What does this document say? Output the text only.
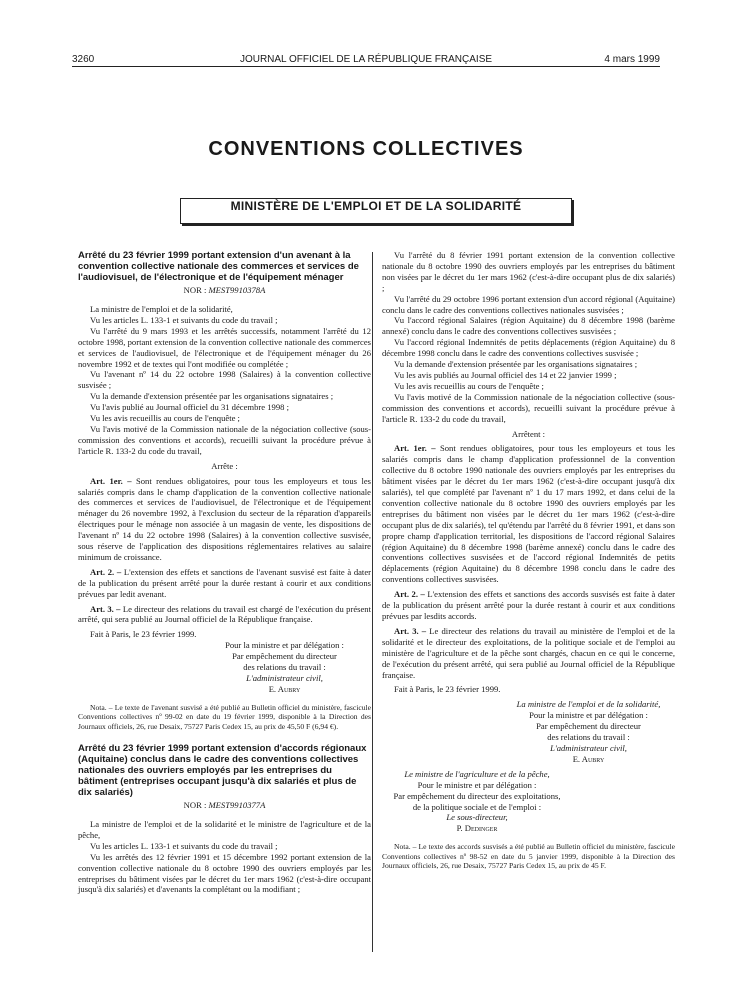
3260	JOURNAL OFFICIEL DE LA RÉPUBLIQUE FRANÇAISE	4 mars 1999
CONVENTIONS COLLECTIVES
MINISTÈRE DE L'EMPLOI ET DE LA SOLIDARITÉ
Arrêté du 23 février 1999 portant extension d'un avenant à la convention collective nationale des commerces et services de l'audiovisuel, de l'électronique et de l'équipement ménager
NOR : MEST9910378A

La ministre de l'emploi et de la solidarité,

Vu les articles L. 133-1 et suivants du code du travail ;

Vu l'arrêté du 9 mars 1993 et les arrêtés successifs, notamment l'arrêté du 12 octobre 1998, portant extension de la convention collective nationale des commerces et services de l'audiovisuel, de l'électronique et de l'équipement ménager du 26 novembre 1992 et de textes qui l'ont modifiée ou complétée ;

Vu l'avenant nº 14 du 22 octobre 1998 (Salaires) à la convention collective susvisée ;

Vu la demande d'extension présentée par les organisations signataires ;

Vu l'avis publié au Journal officiel du 31 décembre 1998 ;

Vu les avis recueillis au cours de l'enquête ;

Vu l'avis motivé de la Commission nationale de la négociation collective (sous-commission des conventions et accords), recueilli suivant la procédure prévue à l'article R. 133-2 du code du travail,

Arrête :

Art. 1er. – Sont rendues obligatoires, pour tous les employeurs et tous les salariés compris dans le champ d'application de la convention collective nationale des commerces et services de l'audiovisuel, de l'électronique et de l'équipement ménager du 26 novembre 1992, à l'exclusion du secteur de la réparation d'appareils électriques pour le ménage non associée à un magasin de vente, les dispositions de l'avenant nº 14 du 22 octobre 1998 (Salaires) à la convention collective susvisée, sous réserve de l'application des dispositions réglementaires relatives au salaire minimum de croissance.

Art. 2. – L'extension des effets et sanctions de l'avenant susvisé est faite à dater de la publication du présent arrêté pour la durée restant à courir et aux conditions prévues par ledit avenant.

Art. 3. – Le directeur des relations du travail est chargé de l'exécution du présent arrêté, qui sera publié au Journal officiel de la République française.

Fait à Paris, le 23 février 1999.

Pour la ministre et par délégation :
Par empêchement du directeur
des relations du travail :
L'administrateur civil,
E. Aubry
Nota. – Le texte de l'avenant susvisé a été publié au Bulletin officiel du ministère, fascicule Conventions collectives nº 99-02 en date du 19 février 1999, disponible à la Direction des Journaux officiels, 26, rue Desaix, 75727 Paris Cedex 15, au prix de 45,50 F (6,94 €).
Arrêté du 23 février 1999 portant extension d'accords régionaux (Aquitaine) conclus dans le cadre des conventions collectives nationales des ouvriers employés par les entreprises du bâtiment (entreprises occupant jusqu'à dix salariés et plus de dix salariés)
NOR : MEST9910377A

La ministre de l'emploi et de la solidarité et le ministre de l'agriculture et de la pêche,

Vu les articles L. 133-1 et suivants du code du travail ;

Vu les arrêtés des 12 février 1991 et 15 décembre 1992 portant extension de la convention collective nationale du 8 octobre 1990 des ouvriers employés par les entreprises du bâtiment visées par le décret du 1er mars 1962 (c'est-à-dire occupant jusqu'à dix salariés) et d'avenants la complétant ou la modifiant ;

Vu l'arrêté du 8 février 1991 portant extension de la convention collective nationale du 8 octobre 1990 des ouvriers employés par les entreprises du bâtiment non visées par le décret du 1er mars 1962 (c'est-à-dire occupant plus de dix salariés) ;

Vu l'arrêté du 29 octobre 1996 portant extension d'un accord régional (Aquitaine) conclu dans le cadre des conventions collectives nationales susvisées ;

Vu l'accord régional Salaires (région Aquitaine) du 8 décembre 1998 (barème annexé) conclu dans le cadre des conventions collectives susvisées ;

Vu l'accord régional Indemnités de petits déplacements (région Aquitaine) du 8 décembre 1998 conclu dans le cadre des conventions collectives susvisée ;

Vu la demande d'extension présentée par les organisations signataires ;

Vu les avis publiés au Journal officiel des 14 et 22 janvier 1999 ;

Vu les avis recueillis au cours de l'enquête ;

Vu l'avis motivé de la Commission nationale de la négociation collective (sous-commission des conventions et accords), recueilli suivant la procédure prévue à l'article R. 133-2 du code du travail,

Arrêtent :

Art. 1er. – Sont rendues obligatoires, pour tous les employeurs et tous les salariés compris dans le champ d'application professionnel de la convention collective du 8 octobre 1990 nationale des ouvriers employés par les entreprises du bâtiment visées par le décret du 1er mars 1962 (c'est-à-dire occupant jusqu'à dix salariés), tel que complété par l'avenant nº 1 du 17 mars 1992, et dans celui de la convention collective nationale du 8 octobre 1990 des ouvriers employés par les entreprises du bâtiment non visées par le décret du 1er mars 1962 (c'est-à-dire occupant plus de dix salariés), tel qu'étendu par l'arrêté du 8 février 1991, et dans son propre champ d'application territorial, les dispositions de l'accord régional Salaires (région Aquitaine) du 8 décembre 1998 (barème annexé) conclu dans le cadre des conventions collectives susvisées et de l'accord régional Indemnités de petits déplacements (région Aquitaine) du 8 décembre 1998 conclu dans le cadre des conventions collectives susvisées.

Art. 2. – L'extension des effets et sanctions des accords susvisés est faite à dater de la publication du présent arrêté pour la durée restant à courir et aux conditions prévues par lesdits accords.

Art. 3. – Le directeur des relations du travail au ministère de l'emploi et de la solidarité et le directeur des exploitations, de la politique sociale et de l'emploi au ministère de l'agriculture et de la pêche sont chargés, chacun en ce qui le concerne, de l'exécution du présent arrêté, qui sera publié au Journal officiel de la République française.

Fait à Paris, le 23 février 1999.

La ministre de l'emploi et de la solidarité,
Pour la ministre et par délégation :
Par empêchement du directeur
des relations du travail :
L'administrateur civil,
E. Aubry
Le ministre de l'agriculture et de la pêche,
Pour le ministre et par délégation :
Par empêchement du directeur des exploitations,
de la politique sociale et de l'emploi :
Le sous-directeur,
P. Dedinger
Nota. – Le texte des accords susvisés a été publié au Bulletin officiel du ministère, fascicule Conventions collectives nº 98-52 en date du 5 janvier 1999, disponible à la Direction des Journaux officiels, 26, rue Desaix, 75727 Paris Cedex 15, au prix de 45 F.
